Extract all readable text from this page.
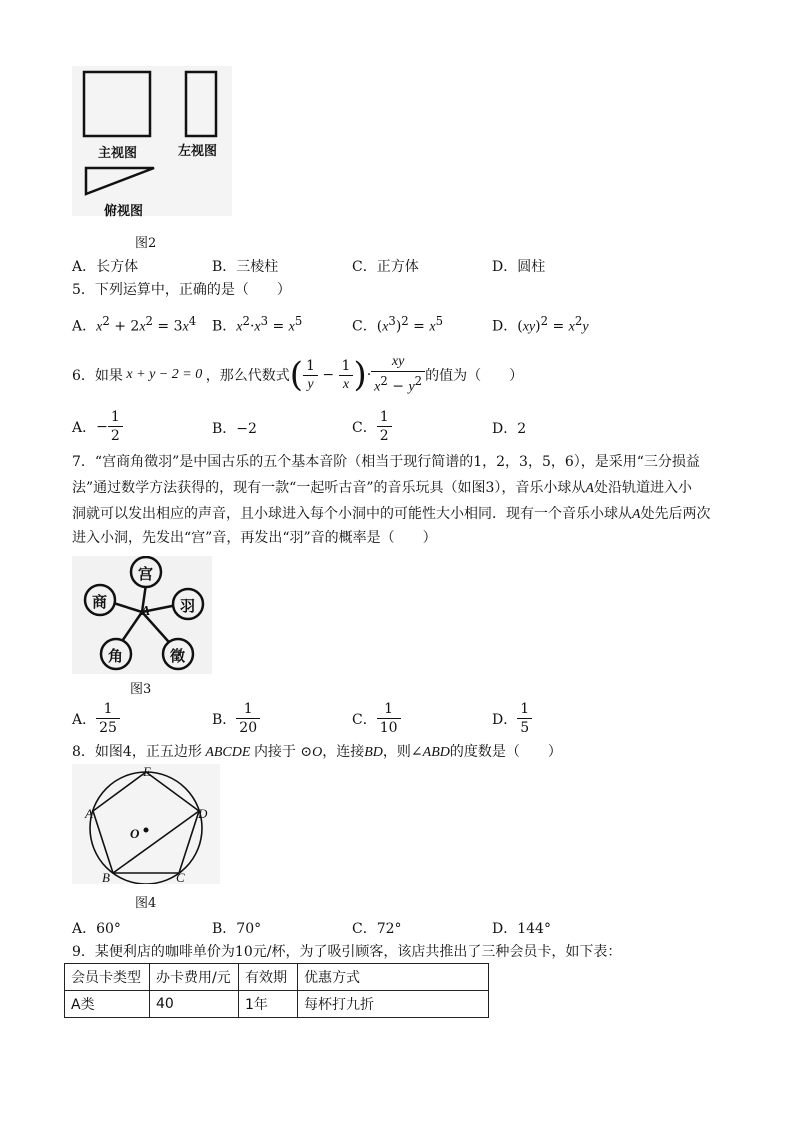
主视图	左视图
俯视图
图2
A．长方体	B．三棱柱	C．正方体	D．圆柱
5．下列运算中，正确的是（　　）
A．$x^2 + 2x^2 = 3x^4$ B．$x^2\cdot x^3 = x^5$	C．$(x^3)^2 = x^5$	D．$(xy)^2 = x^2y$
6．如果 x + y − 2 = 0 ，那么代数式 ( $\frac{1}{y} - \frac{1}{x}$ ) · $\frac{xy}{x^2 - y^2}$ 的值为（　　）
A． − $\frac{1}{2}$	B．−2	C． $\frac{1}{2}$	D．2
7．“宫商角徵羽”是中国古乐的五个基本音阶（相当于现行简谱的1，2，3，5，6），是采用“三分损益
法”通过数学方法获得的，现有一款“一起听古音”的音乐玩具（如图3），音乐小球从A处沿轨道进入小
洞就可以发出相应的声音，且小球进入每个小洞中的可能性大小相同．现有一个音乐小球从A处先后两次
进入小洞，先发出“宫”音，再发出“羽”音的概率是（　　）
宫
商	羽
角	徵
A
图3
A． $\frac{1}{25}$	B． $\frac{1}{20}$	C． $\frac{1}{10}$	D． $\frac{1}{5}$
8．如图4，正五边形 ABCDE 内接于 ⊙O，连接BD，则∠ABD的度数是（　　）
E
A	D
B	C
O
图4
A．60°	B．70°	C．72°	D．144°
9．某便利店的咖啡单价为10元/杯，为了吸引顾客，该店共推出了三种会员卡，如下表：
会员卡类型	办卡费用/元	有效期	优惠方式
A类	40	1年	每杯打九折
